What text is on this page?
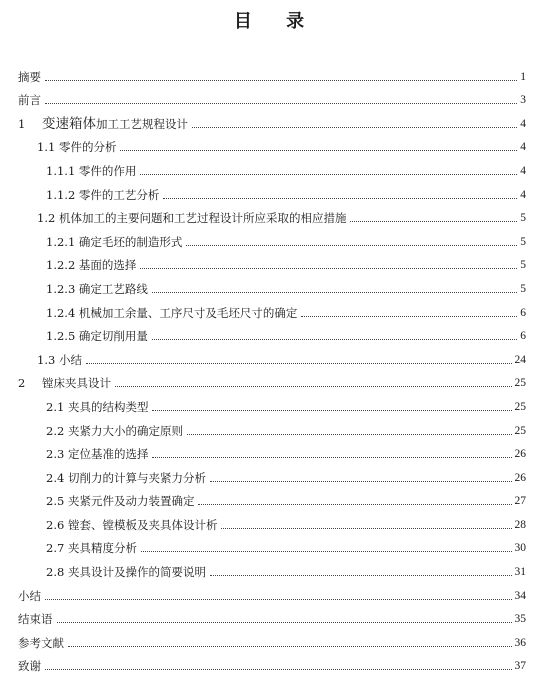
目 录
摘要	1
前言	3
1 变速箱体加工工艺规程设计	4
1.1 零件的分析	4
1.1.1 零件的作用	4
1.1.2 零件的工艺分析	4
1.2 机体加工的主要问题和工艺过程设计所应采取的相应措施	5
1.2.1 确定毛坯的制造形式	5
1.2.2 基面的选择	5
1.2.3 确定工艺路线	5
1.2.4 机械加工余量、工序尺寸及毛坯尺寸的确定	6
1.2.5 确定切削用量	6
1.3 小结	24
2 镗床夹具设计	25
2.1 夹具的结构类型	25
2.2 夹紧力大小的确定原则	25
2.3 定位基准的选择	26
2.4 切削力的计算与夹紧力分析	26
2.5 夹紧元件及动力装置确定	27
2.6 镗套、镗模板及夹具体设计析	28
2.7 夹具精度分析	30
2.8 夹具设计及操作的简要说明	31
小结	34
结束语	35
参考文献	36
致谢	37
